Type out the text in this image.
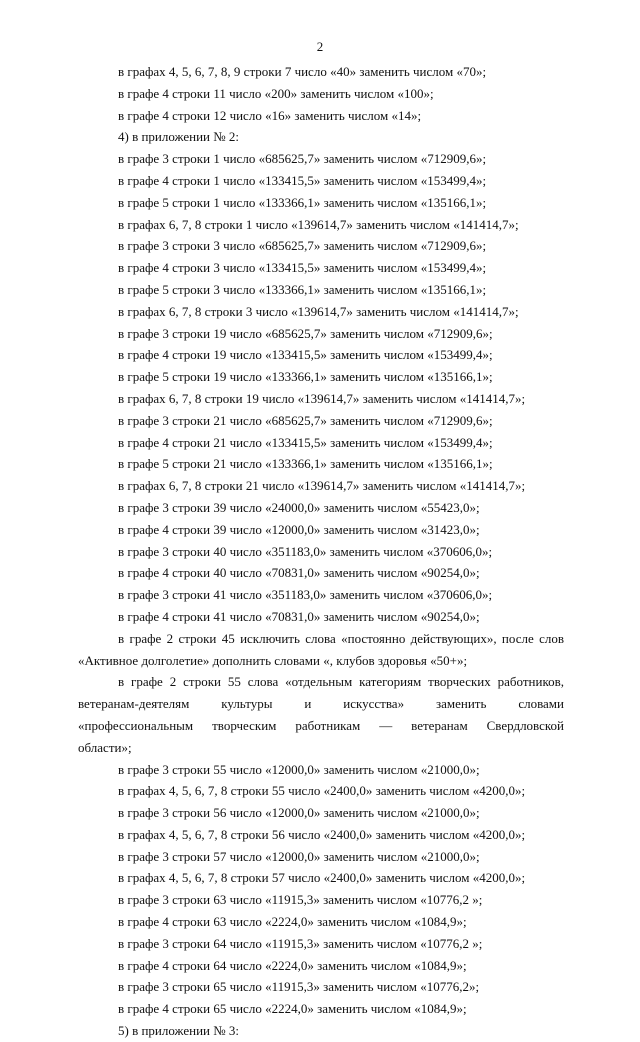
2
в графах 4, 5, 6, 7, 8, 9 строки 7 число «40» заменить числом «70»;
в графе 4 строки 11 число «200» заменить числом «100»;
в графе 4 строки 12 число «16» заменить числом «14»;
4) в приложении № 2:
в графе 3 строки 1 число «685625,7» заменить числом «712909,6»;
в графе 4 строки 1 число «133415,5» заменить числом «153499,4»;
в графе 5 строки 1 число «133366,1» заменить числом «135166,1»;
в графах 6, 7, 8 строки 1 число «139614,7» заменить числом «141414,7»;
в графе 3 строки 3 число «685625,7» заменить числом «712909,6»;
в графе 4 строки 3 число «133415,5» заменить числом «153499,4»;
в графе 5 строки 3 число «133366,1» заменить числом «135166,1»;
в графах 6, 7, 8 строки 3 число «139614,7» заменить числом «141414,7»;
в графе 3 строки 19 число «685625,7» заменить числом «712909,6»;
в графе 4 строки 19 число «133415,5» заменить числом «153499,4»;
в графе 5 строки 19 число «133366,1» заменить числом «135166,1»;
в графах 6, 7, 8 строки 19 число «139614,7» заменить числом «141414,7»;
в графе 3 строки 21 число «685625,7» заменить числом «712909,6»;
в графе 4 строки 21 число «133415,5» заменить числом «153499,4»;
в графе 5 строки 21 число «133366,1» заменить числом «135166,1»;
в графах 6, 7, 8 строки 21 число «139614,7» заменить числом «141414,7»;
в графе 3 строки 39 число «24000,0» заменить числом «55423,0»;
в графе 4 строки 39 число «12000,0» заменить числом «31423,0»;
в графе 3 строки 40 число «351183,0» заменить числом «370606,0»;
в графе 4 строки 40 число «70831,0» заменить числом «90254,0»;
в графе 3 строки 41 число «351183,0» заменить числом «370606,0»;
в графе 4 строки 41 число «70831,0» заменить числом «90254,0»;
в графе 2 строки 45 исключить слова «постоянно действующих», после слов
«Активное долголетие» дополнить словами «, клубов здоровья «50+»;
в графе 2 строки 55 слова «отдельным категориям творческих работников,
ветеранам-деятелям культуры и искусства» заменить словами
«профессиональным творческим работникам — ветеранам Свердловской
области»;
в графе 3 строки 55 число «12000,0» заменить числом «21000,0»;
в графах 4, 5, 6, 7, 8 строки 55 число «2400,0» заменить числом «4200,0»;
в графе 3 строки 56 число «12000,0» заменить числом «21000,0»;
в графах 4, 5, 6, 7, 8 строки 56 число «2400,0» заменить числом «4200,0»;
в графе 3 строки 57 число «12000,0» заменить числом «21000,0»;
в графах 4, 5, 6, 7, 8 строки 57 число «2400,0» заменить числом «4200,0»;
в графе 3 строки 63 число «11915,3» заменить числом «10776,2 »;
в графе 4 строки 63 число «2224,0» заменить числом «1084,9»;
в графе 3 строки 64 число «11915,3» заменить числом «10776,2 »;
в графе 4 строки 64 число «2224,0» заменить числом «1084,9»;
в графе 3 строки 65 число «11915,3» заменить числом «10776,2»;
в графе 4 строки 65 число «2224,0» заменить числом «1084,9»;
5) в приложении № 3:
